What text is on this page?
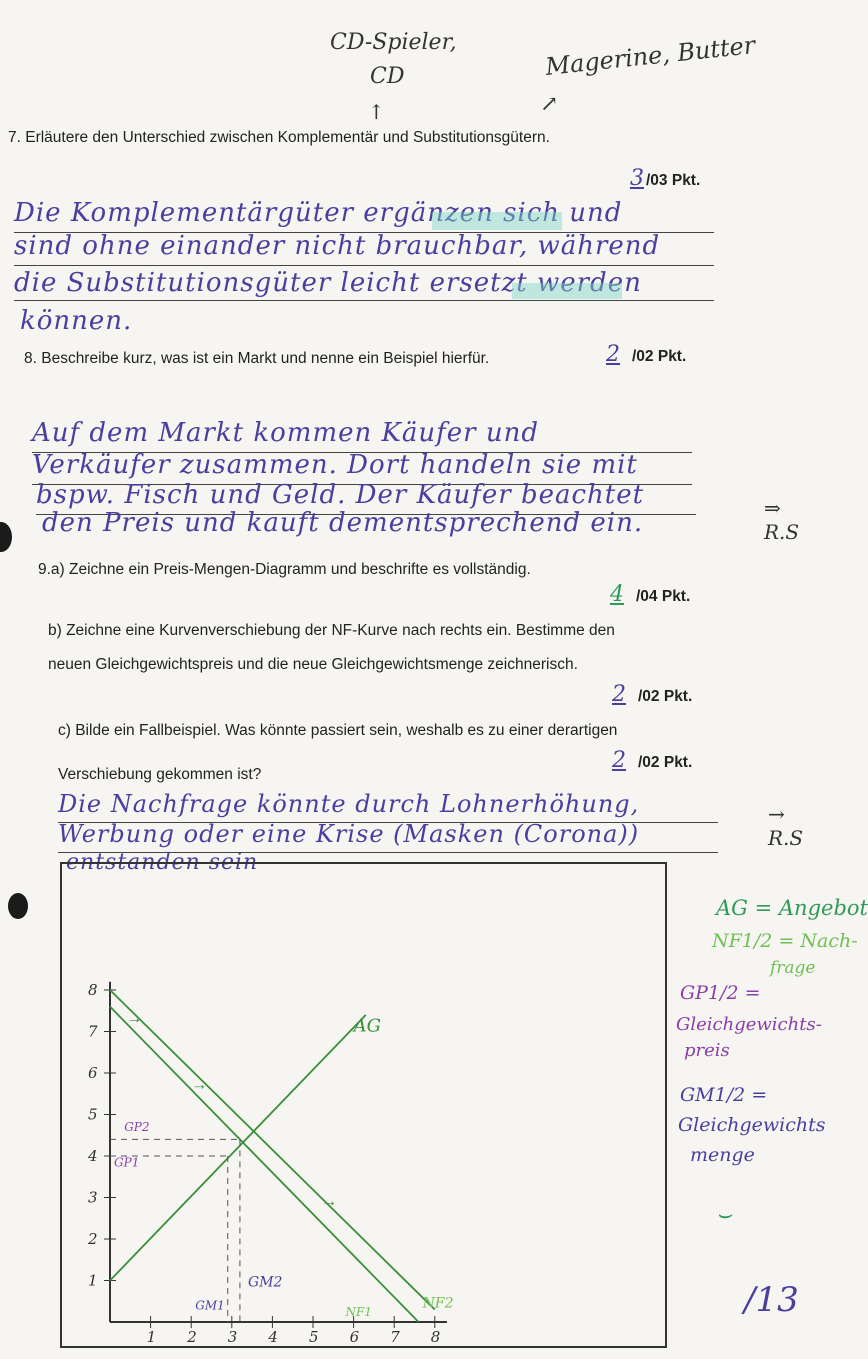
CD-Spieler,
CD	Magerine, Butter
↑	↗
7. Erläutere den Unterschied zwischen Komplementär und Substitutionsgütern.
3 /03 Pkt.
Die Komplementärgüter ergänzen sich und
sind ohne einander nicht brauchbar, während
die Substitutionsgüter leicht ersetzt werden
können.
8. Beschreibe kurz, was ist ein Markt und nenne ein Beispiel hierfür.	2 /02 Pkt.
Auf dem Markt kommen Käufer und
Verkäufer zusammen. Dort handeln sie mit
bspw. Fisch und Geld. Der Käufer beachtet
den Preis und kauft dementsprechend ein.	⇒
R.S
9.a) Zeichne ein Preis-Mengen-Diagramm und beschrifte es vollständig.
4 /04 Pkt.
b) Zeichne eine Kurvenverschiebung der NF-Kurve nach rechts ein. Bestimme den
neuen Gleichgewichtspreis und die neue Gleichgewichtsmenge zeichnerisch.
2 /02 Pkt.
c) Bilde ein Fallbeispiel. Was könnte passiert sein, weshalb es zu einer derartigen
Verschiebung gekommen ist?
2 /02 Pkt.
Die Nachfrage könnte durch Lohnerhöhung,
Werbung oder eine Krise (Masken (Corona))
entstanden sein
→
R.S
1 2 3 4 5 6 7 8
1
2
3
4
5
6
7
8
→
→
→
AG
GP2
GP1
GM1
GM2
NF1
NF2
AG = Angebot
NF1/2 = Nach-
frage
GP1/2 =
Gleichgewichts-
preis
GM1/2 =
Gleichgewichts
menge
⌣
/13
